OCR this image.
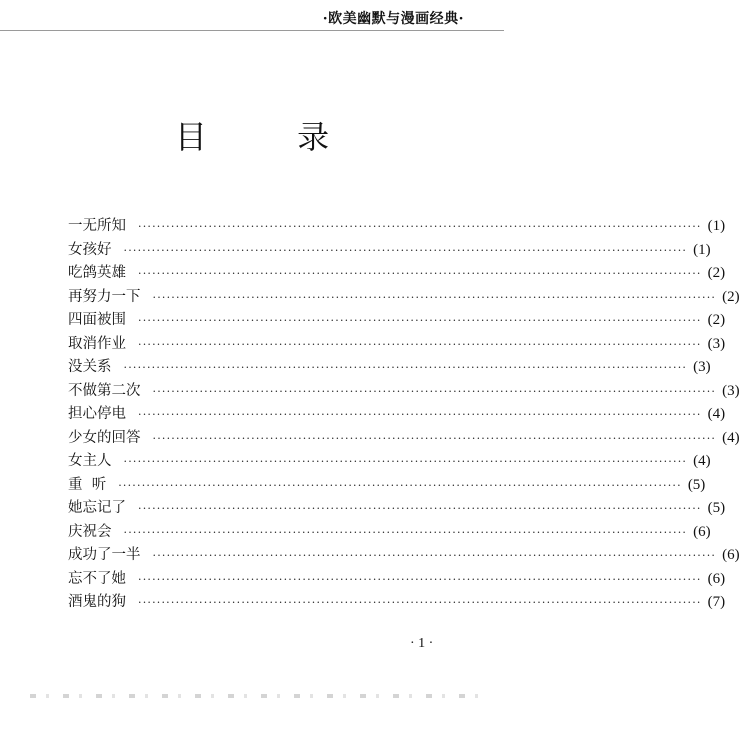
·欧美幽默与漫画经典·
目 录
一无所知 ························································································································ (1)
女孩好 ························································································································ (1)
吃鸽英雄 ························································································································ (2)
再努力一下 ························································································································ (2)
四面被围 ························································································································ (2)
取消作业 ························································································································ (3)
没关系 ························································································································ (3)
不做第二次 ························································································································ (3)
担心停电 ························································································································ (4)
少女的回答 ························································································································ (4)
女主人 ························································································································ (4)
重  听 ························································································································ (5)
她忘记了 ························································································································ (5)
庆祝会 ························································································································ (6)
成功了一半 ························································································································ (6)
忘不了她 ························································································································ (6)
酒鬼的狗 ························································································································ (7)
· 1 ·
